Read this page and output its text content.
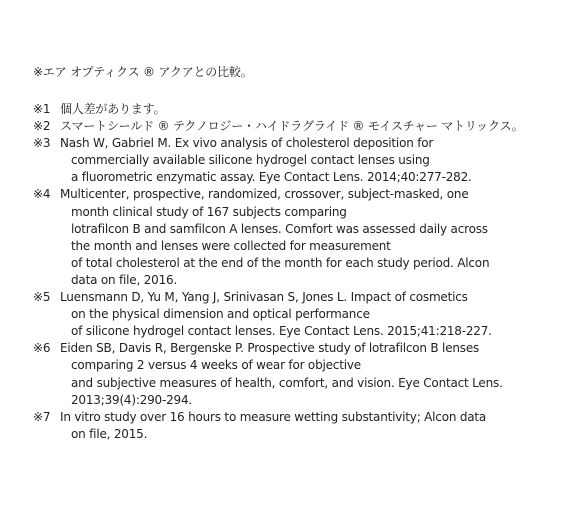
※エア オプティクス ® アクアとの比較。
※1 個人差があります。
※2 スマートシールド ® テクノロジー・ハイドラグライド ® モイスチャー マトリックス。
※3 Nash W, Gabriel M. Ex vivo analysis of cholesterol deposition for
commercially available silicone hydrogel contact lenses using
a fluorometric enzymatic assay. Eye Contact Lens. 2014;40:277-282.
※4 Multicenter, prospective, randomized, crossover, subject-masked, one
month clinical study of 167 subjects comparing
lotrafilcon B and samfilcon A lenses. Comfort was assessed daily across
the month and lenses were collected for measurement
of total cholesterol at the end of the month for each study period. Alcon
data on file, 2016.
※5 Luensmann D, Yu M, Yang J, Srinivasan S, Jones L. Impact of cosmetics
on the physical dimension and optical performance
of silicone hydrogel contact lenses. Eye Contact Lens. 2015;41:218-227.
※6 Eiden SB, Davis R, Bergenske P. Prospective study of lotrafilcon B lenses
comparing 2 versus 4 weeks of wear for objective
and subjective measures of health, comfort, and vision. Eye Contact Lens.
2013;39(4):290-294.
※7 In vitro study over 16 hours to measure wetting substantivity; Alcon data
on file, 2015.
